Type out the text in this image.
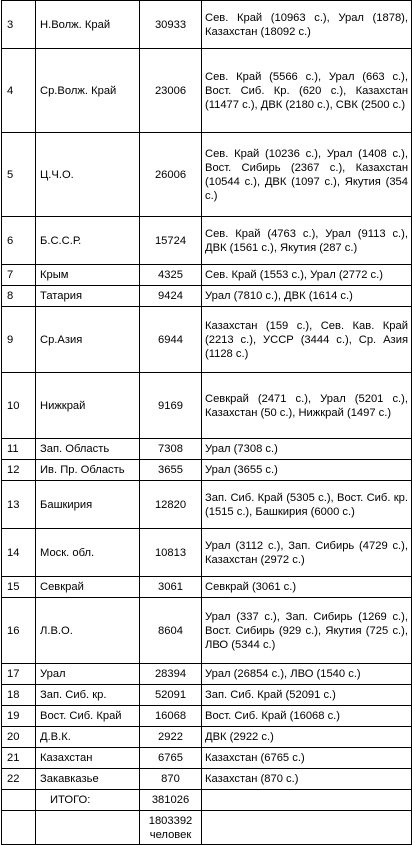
3	Н.Волж. Край	30933	Сев. Край (10963 с.), Урал (1878), Казахстан (18092 с.)
4	Ср.Волж. Край	23006	Сев. Край (5566 с.), Урал (663 с.), Вост. Сиб. Кр. (620 с.), Казахстан (11477 с.), ДВК (2180 с.), СВК (2500 с.)
5	Ц.Ч.О.	26006	Сев. Край (10236 с.), Урал (1408 с.), Вост. Сибирь (2367 с.), Казахстан (10544 с.), ДВК (1097 с.), Якутия (354 с.)
6	Б.С.С.Р.	15724	Сев. Край (4763 с.), Урал (9113 с.), ДВК (1561 с.), Якутия (287 с.)
7	Крым	4325	Сев. Край (1553 с.), Урал (2772 с.)
8	Татария	9424	Урал (7810 с.), ДВК (1614 с.)
9	Ср.Азия	6944	Казахстан (159 с.), Сев. Кав. Край (2213 с.), УССР (3444 с.), Ср. Азия (1128 с.)
10	Нижкрай	9169	Севкрай (2471 с.), Урал (5201 с.), Казахстан (50 с.), Нижкрай (1497 с.)
11	Зап. Область	7308	Урал (7308 с.)
12	Ив. Пр. Область	3655	Урал (3655 с.)
13	Башкирия	12820	Зап. Сиб. Край (5305 с.), Вост. Сиб. кр. (1515 с.), Башкирия (6000 с.)
14	Моск. обл.	10813	Урал (3112 с.), Зап. Сибирь (4729 с.), Казахстан (2972 с.)
15	Севкрай	3061	Севкрай (3061 с.)
16	Л.В.О.	8604	Урал (337 с.), Зап. Сибирь (1269 с.), Вост. Сибирь (929 с.), Якутия (725 с.), ЛВО (5344 с.)
17	Урал	28394	Урал (26854 с.), ЛВО (1540 с.)
18	Зап. Сиб. кр.	52091	Зап. Сиб. Край (52091 с.)
19	Вост. Сиб. Край	16068	Вост. Сиб. Край (16068 с.)
20	Д.В.К.	2922	ДВК (2922 с.)
21	Казахстан	6765	Казахстан (6765 с.)
22	Закавказье	870	Казахстан (870 с.)
	ИТОГО:	381026	

		1803392
человек	
